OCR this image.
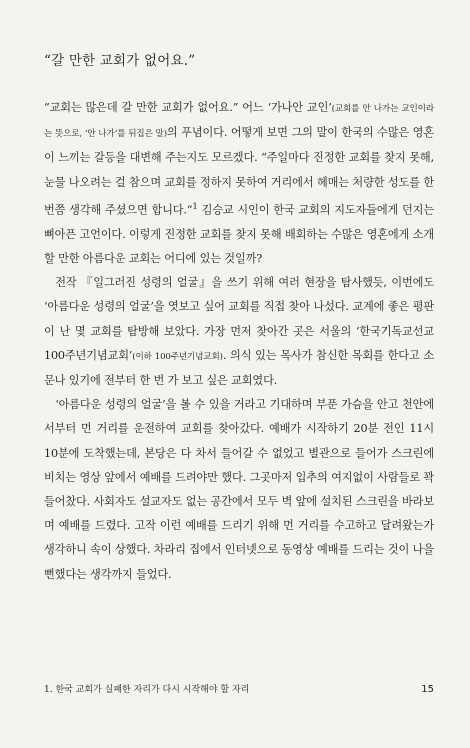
“갈 만한 교회가 없어요.”

“교회는 많은데 갈 만한 교회가 없어요.” 어느 ‘가나안 교인’(교회를 안 나가는 교인이라는 뜻으로, ‘안 나가’를 뒤집은 말)의 푸념이다. 어떻게 보면 그의 말이 한국의 수많은 영혼이 느끼는 갈등을 대변해 주는지도 모르겠다. “주일마다 진정한 교회를 찾지 못해, 눈물 나오려는 걸 참으며 교회를 정하지 못하여 거리에서 헤매는 처량한 성도를 한 번쯤 생각해 주셨으면 합니다.”$^1$ 김승교 시인이 한국 교회의 지도자들에게 던지는 뼈아픈 고언이다. 이렇게 진정한 교회를 찾지 못해 배회하는 수많은 영혼에게 소개할 만한 아름다운 교회는 어디에 있는 것일까?

전작 『일그러진 성령의 얼굴』을 쓰기 위해 여러 현장을 탐사했듯, 이번에도 ‘아름다운 성령의 얼굴’을 엿보고 싶어 교회를 직접 찾아 나섰다. 교계에 좋은 평판이 난 몇 교회를 탐방해 보았다. 가장 먼저 찾아간 곳은 서울의 ‘한국기독교선교 100주년기념교회’(이하 100주년기념교회). 의식 있는 목사가 참신한 목회를 한다고 소문나 있기에 전부터 한 번 가 보고 싶은 교회였다.

‘아름다운 성령의 얼굴’을 볼 수 있을 거라고 기대하며 부푼 가슴을 안고 천안에서부터 먼 거리를 운전하여 교회를 찾아갔다. 예배가 시작하기 20분 전인 11시 10분에 도착했는데, 본당은 다 차서 들어갈 수 없었고 별관으로 들어가 스크린에 비치는 영상 앞에서 예배를 드려야만 했다. 그곳마저 입추의 여지없이 사람들로 꽉 들어찼다. 사회자도 설교자도 없는 공간에서 모두 벽 앞에 설치된 스크린을 바라보며 예배를 드렸다. 고작 이런 예배를 드리기 위해 먼 거리를 수고하고 달려왔는가 생각하니 속이 상했다. 차라리 집에서 인터넷으로 동영상 예배를 드리는 것이 나을 뻔했다는 생각까지 들었다.

1. 한국 교회가 실패한 자리가 다시 시작해야 할 자리	15
